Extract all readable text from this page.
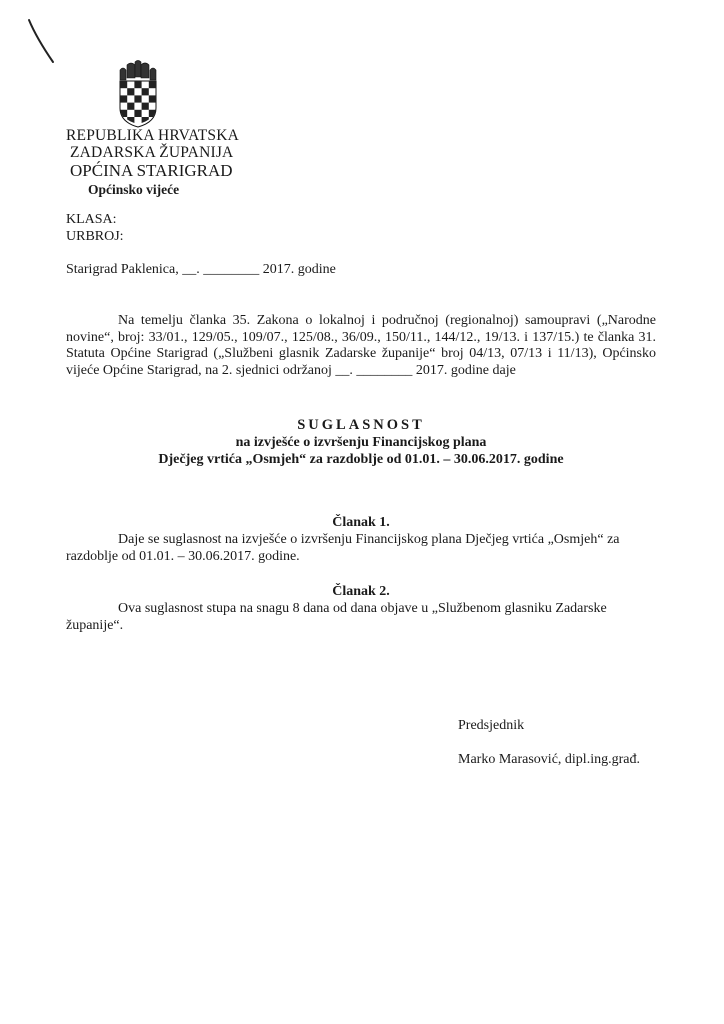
REPUBLIKA HRVATSKA
ZADARSKA ŽUPANIJA
OPĆINA STARIGRAD
Općinsko vijeće
KLASA:
URBROJ:
Starigrad Paklenica, __. ________ 2017. godine
Na temelju članka 35. Zakona o lokalnoj i područnoj (regionalnoj) samoupravi („Narodne novine“, broj: 33/01., 129/05., 109/07., 125/08., 36/09., 150/11., 144/12., 19/13. i 137/15.) te članka 31. Statuta Općine Starigrad („Službeni glasnik Zadarske županije“ broj 04/13, 07/13 i 11/13), Općinsko vijeće Općine Starigrad, na 2. sjednici održanoj __. ________ 2017. godine daje
SUGLASNOST
na izvješće o izvršenju Financijskog plana
Dječjeg vrtića „Osmjeh“ za razdoblje od 01.01. – 30.06.2017. godine
Članak 1.
Daje se suglasnost na izvješće o izvršenju Financijskog plana Dječjeg vrtića „Osmjeh“ za razdoblje od 01.01. – 30.06.2017. godine.
Članak 2.
Ova suglasnost stupa na snagu 8 dana od dana objave u „Službenom glasniku Zadarske županije“.
Predsjednik
Marko Marasović, dipl.ing.građ.
